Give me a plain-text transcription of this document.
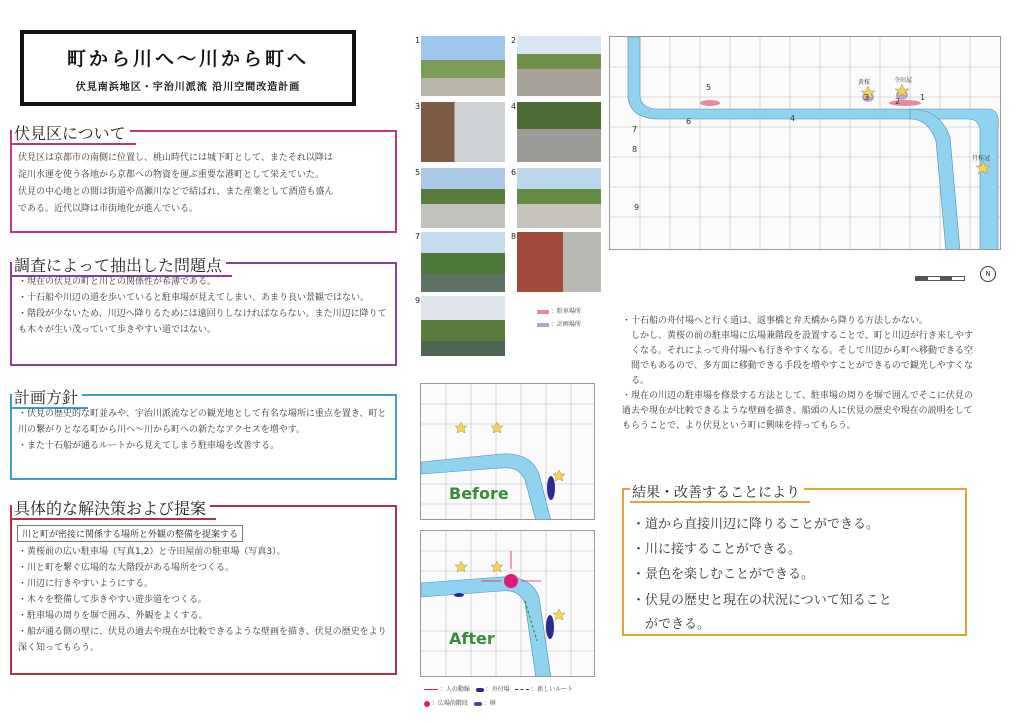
町から川へ〜川から町へ
伏見南浜地区・宇治川派流 沿川空間改造計画
伏見区について

伏見区は京都市の南側に位置し、桃山時代には城下町として、またそれ以降は

淀川水運を使う各地から京都への物資を運ぶ重要な港町として栄えていた。

伏見の中心地との間は街道や高瀬川などで結ばれ、また産業として酒造も盛ん

である。近代以降は市街地化が進んでいる。

調査によって抽出した問題点

・現在の伏見の町と川との関係性が希薄である。

・十石船や川辺の道を歩いていると駐車場が見えてしまい、あまり良い景観ではない。

・階段が少ないため、川辺へ降りるためには遠回りしなければならない。また川辺に降りても木々が生い茂っていて歩きやすい道ではない。

計画方針

・伏見の歴史的な町並みや、宇治川派流などの観光地として有名な場所に重点を置き、町と川の繋がりとなる町から川へ〜川から町への新たなアクセスを増やす。

・また十石船が通るルートから見えてしまう駐車場を改善する。

具体的な解決策および提案
川と町が密接に関係する場所と外観の整備を提案する

・黄桜前の広い駐車場（写真1,2）と寺田屋前の駐車場（写真3）。

・川と町を繋ぐ広場的な大階段がある場所をつくる。

・川辺に行きやすいようにする。

・木々を整備して歩きやすい遊歩道をつくる。

・駐車場の周りを塀で囲み、外観をよくする。

・船が通る側の壁に、伏見の過去や現在が比較できるような壁画を描き、伏見の歴史をより深く知ってもらう。

1	2
3	4
5	6
7	8
9
：駐車場所
：計画場所
5
2 1
3
4
6
7
8
9
黄桜	寺田屋
月桂冠
N

・十石船の舟付場へと行く道は、返事橋と弁天橋から降りる方法しかない。

しかし、黄桜の前の駐車場に広場兼階段を設置することで、町と川辺が行き来しやすくなる。それによって舟付場へも行きやすくなる。そして川辺から町へ移動できる空間でもあるので、多方面に移動できる手段を増やすことができるので観光しやすくなる。

・現在の川辺の駐車場を修景する方法として、駐車場の周りを塀で囲んでそこに伏見の過去や現在が比較できるような壁画を描き、船頭の人に伏見の歴史や現在の説明をしてもらうことで、より伏見という町に興味を持ってもらう。

Before
After
：人の動線	：舟付場	：新しいルート
：広場的階段	：塀
結果・改善することにより
・道から直接川辺に降りることができる。
・川に接することができる。
・景色を楽しむことができる。
・伏見の歴史と現在の状況について知ること
　ができる。
